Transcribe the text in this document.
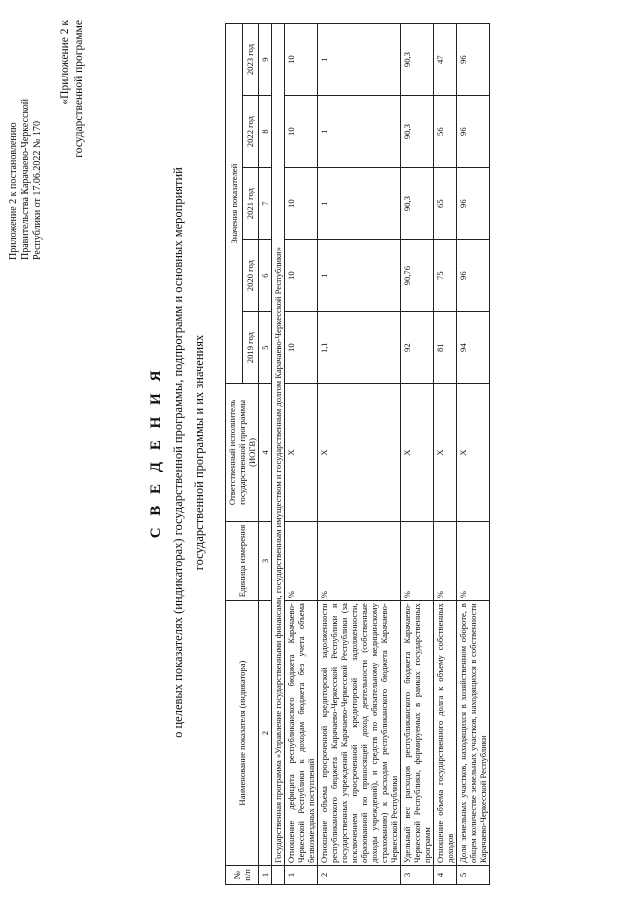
Приложение 2 к постановлению Правительства Карачаево-Черкесской Республики от 17.06.2022 № 170
«Приложение 2 к государственной программе
С В Е Д Е Н И Я о целевых показателях (индикаторах) государственной программы, подпрограмм и основных мероприятий государственной программы и их значениях
№ п/п	Наименование показателя (индикатора)	Единица измерения	Ответственный исполнитель государственной программы (ИОГВ)	Значения показателей				
				2019 год	2020 год	2021 год	2022 год	2023 год
1	2	3	4	5	6	7	8	9
	Государственная программа «Управление государственными финансами, государственным имуществом и государственным долгом Карачаево-Черкесской Республики»							
1	Отношение дефицита республиканского бюджета Карачаево-Черкесской Республики к доходам бюджета без учета объема безвозмездных поступлений	%	Х	10	10	10	10	10
2	Отношение объема просроченной кредиторской задолженности республиканского бюджета Карачаево-Черкесской Республики и государственных учреждений Карачаево-Черкесской Республики (за исключением просроченной кредиторской задолженности, образованной по приносящей доход деятельности (собственные доходы учреждений), и средств по обязательному медицинскому страхованию) к расходам республиканского бюджета Карачаево-Черкесской Республики	%	Х	1,1	1	1	1	1
3	Удельный вес расходов республиканского бюджета Карачаево-Черкесской Республики, формируемых в рамках государственных программ	%	Х	92	90,76	90,3	90,3	90,3
4	Отношение объема государственного долга к объему собственных доходов	%	Х	81	75	65	56	47
5	Доля земельных участков, находящихся в хозяйственном обороте, в общем количестве земельных участков, находящихся в собственности Карачаево-Черкесской Республики	%	Х	94	96	96	96	96
